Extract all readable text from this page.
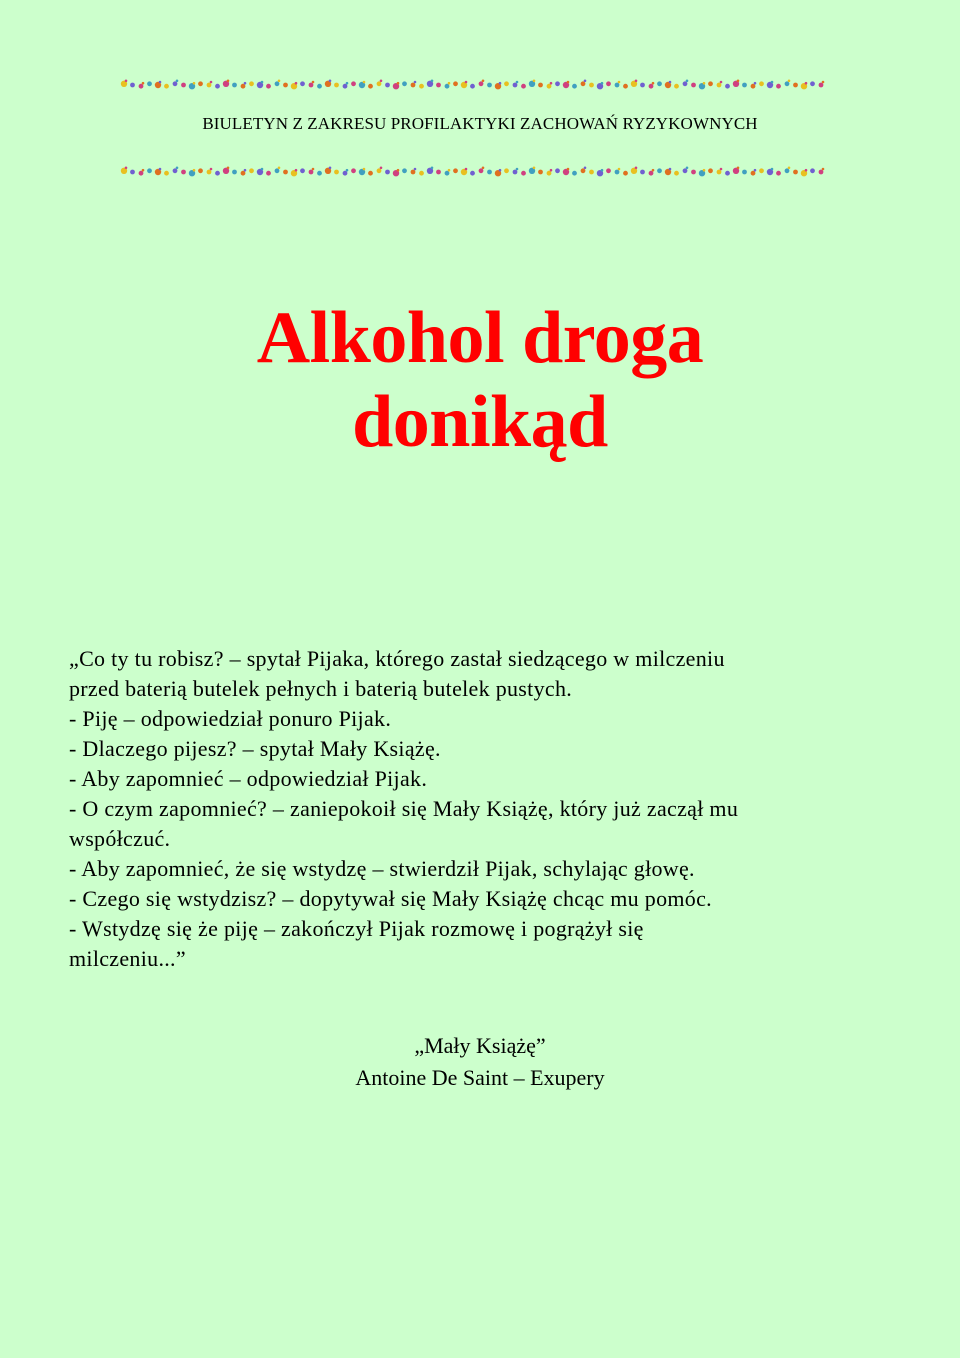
BIULETYN Z ZAKRESU PROFILAKTYKI ZACHOWAŃ RYZYKOWNYCH
Alkohol droga
donikąd
„Co ty tu robisz? – spytał Pijaka, którego zastał siedzącego w milczeniu
przed baterią butelek pełnych i baterią butelek pustych.
- Piję – odpowiedział ponuro Pijak.
- Dlaczego pijesz? – spytał Mały Książę.
- Aby zapomnieć – odpowiedział Pijak.
- O czym zapomnieć? – zaniepokoił się Mały Książę, który już zaczął mu
współczuć.
- Aby zapomnieć, że się wstydzę – stwierdził Pijak, schylając głowę.
- Czego się wstydzisz? – dopytywał się Mały Książę chcąc mu pomóc.
- Wstydzę się że piję – zakończył Pijak rozmowę i pogrążył się
milczeniu...”
„Mały Książę”
Antoine De Saint – Exupery
